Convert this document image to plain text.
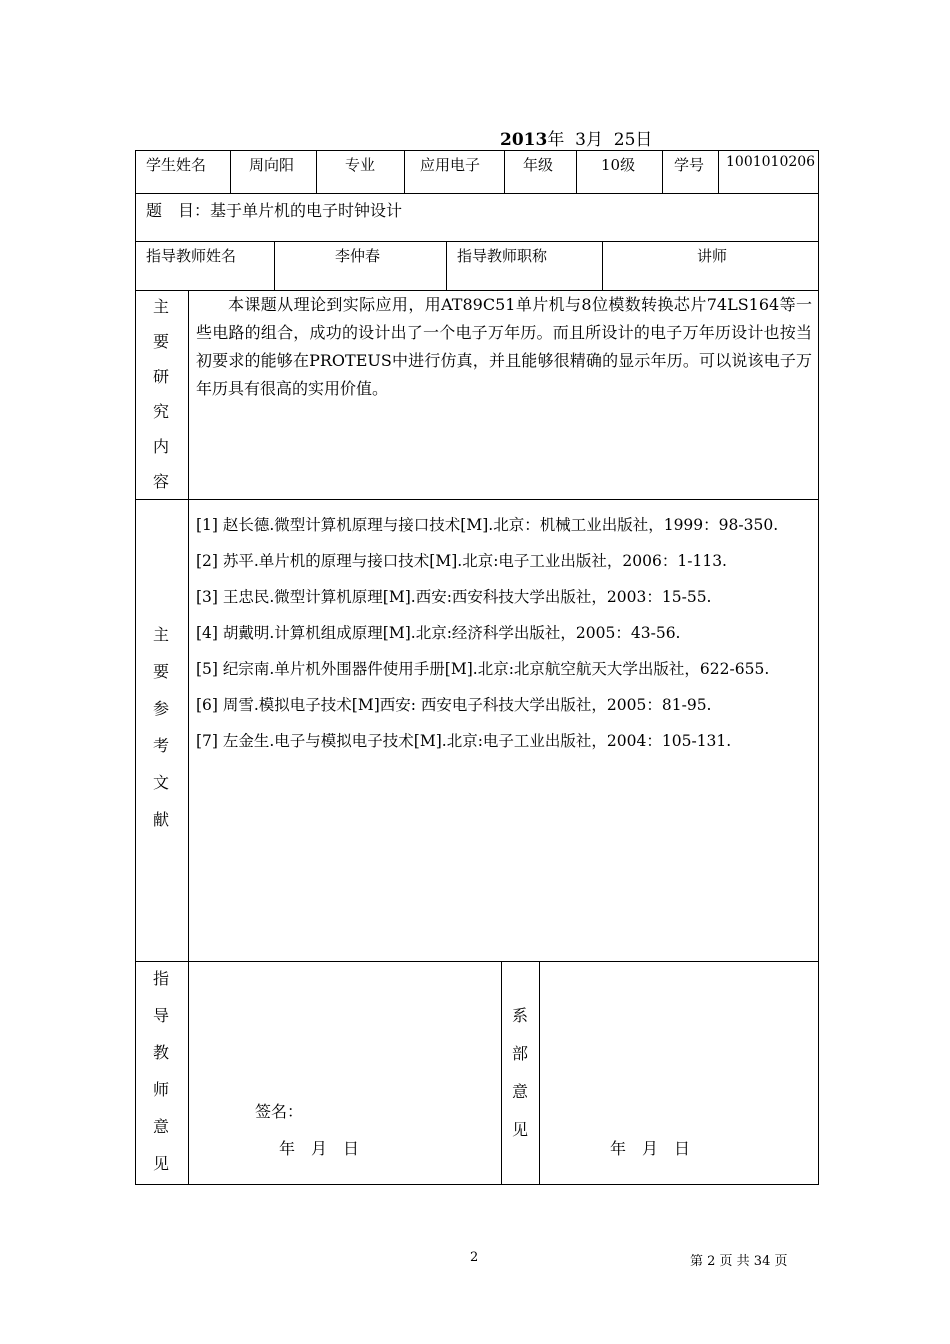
2013年 3月 25日
学生姓名	周向阳	专业	应用电子	年级	10级	学号 1001010206
题　目：基于单片机的电子时钟设计
指导教师姓名	李仲春	指导教师职称	讲师
主
要
研
究
内
容
本课题从理论到实际应用，用AT89C51单片机与8位模数转换芯片74LS164等一些电路的组合，成功的设计出了一个电子万年历。而且所设计的电子万年历设计也按当初要求的能够在PROTEUS中进行仿真，并且能够很精确的显示年历。可以说该电子万年历具有很高的实用价值。
主
要
参
考
文
献
[1] 赵长德.微型计算机原理与接口技术[M].北京：机械工业出版社，1999：98-350.
[2] 苏平.单片机的原理与接口技术[M].北京:电子工业出版社，2006：1-113.
[3] 王忠民.微型计算机原理[M].西安:西安科技大学出版社，2003：15-55.
[4] 胡戴明.计算机组成原理[M].北京:经济科学出版社，2005：43-56.
[5] 纪宗南.单片机外围器件使用手册[M].北京:北京航空航天大学出版社，622-655.
[6] 周雪.模拟电子技术[M]西安: 西安电子科技大学出版社，2005：81-95.
[7] 左金生.电子与模拟电子技术[M].北京:电子工业出版社，2004：105-131.
指
导
教
师
意
见
签名：
年　月　日
系
部
意
见
年　月　日
2	第 2 页 共 34 页
